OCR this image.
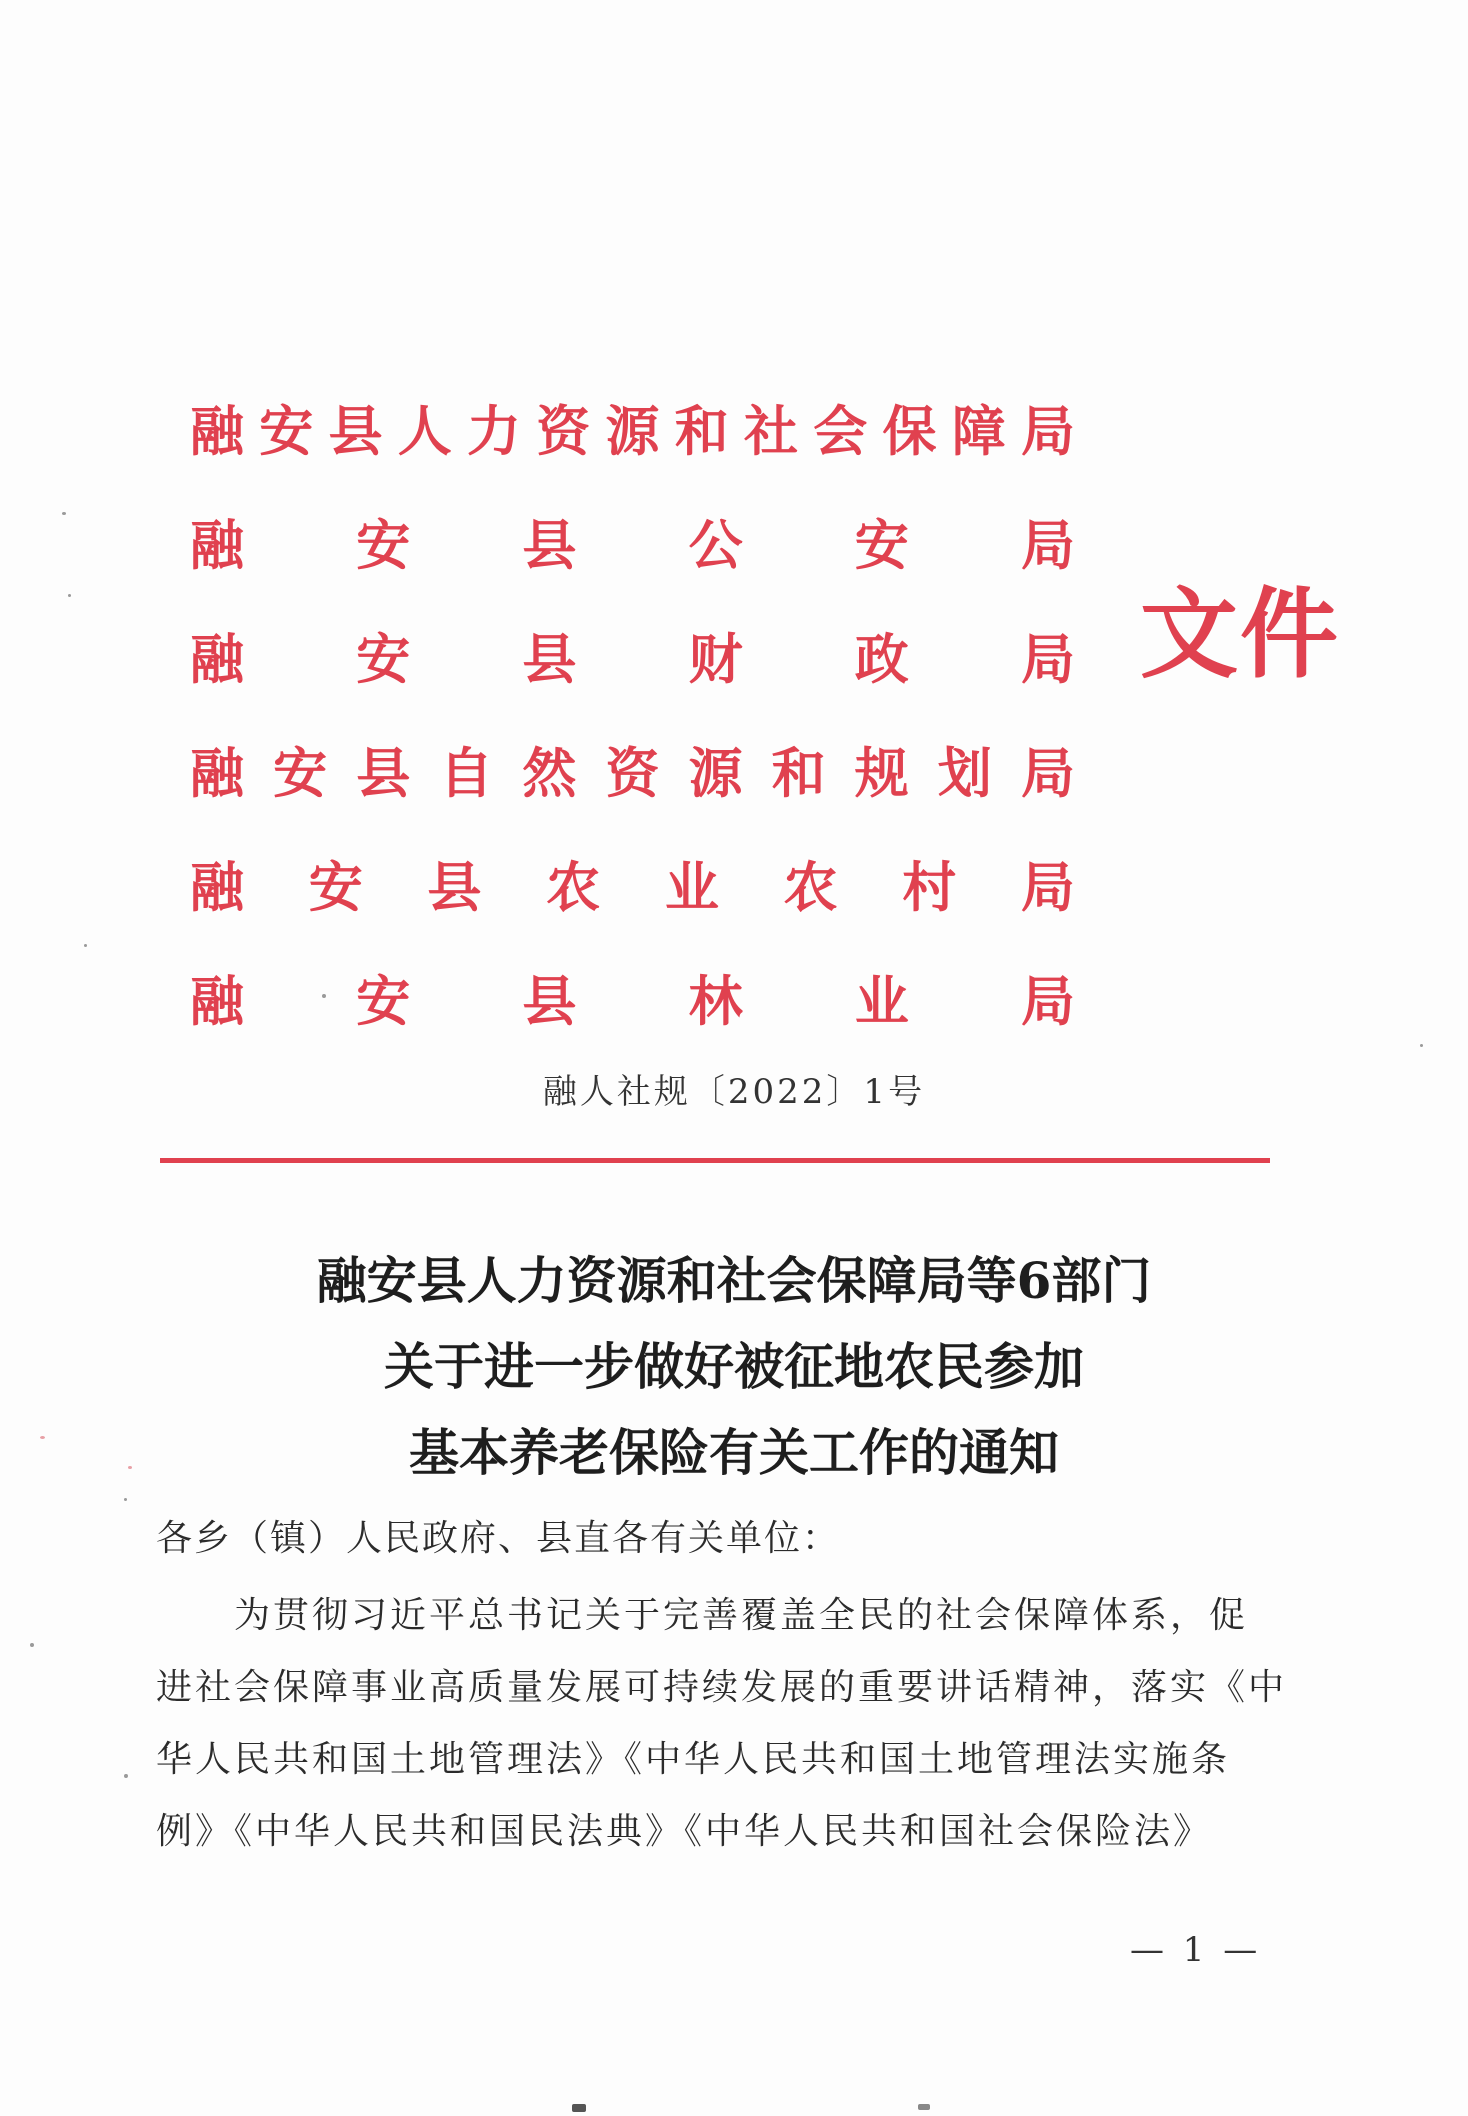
融 安 县 人 力 资 源 和 社 会 保 障 局
融 安 县 公 安 局
融 安 县 财 政 局
融 安 县 自 然 资 源 和 规 划 局
融 安 县 农 业 农 村 局
融 安 县 林 业 局
文件
融人社规〔2022〕1号
融安县人力资源和社会保障局等6部门
关于进一步做好被征地农民参加
基本养老保险有关工作的通知
各乡（镇）人民政府、县直各有关单位：
为贯彻习近平总书记关于完善覆盖全民的社会保障体系，促
进社会保障事业高质量发展可持续发展的重要讲话精神，落实《中
华人民共和国土地管理法》《中华人民共和国土地管理法实施条
例》《中华人民共和国民法典》《中华人民共和国社会保险法》
— 1 —
